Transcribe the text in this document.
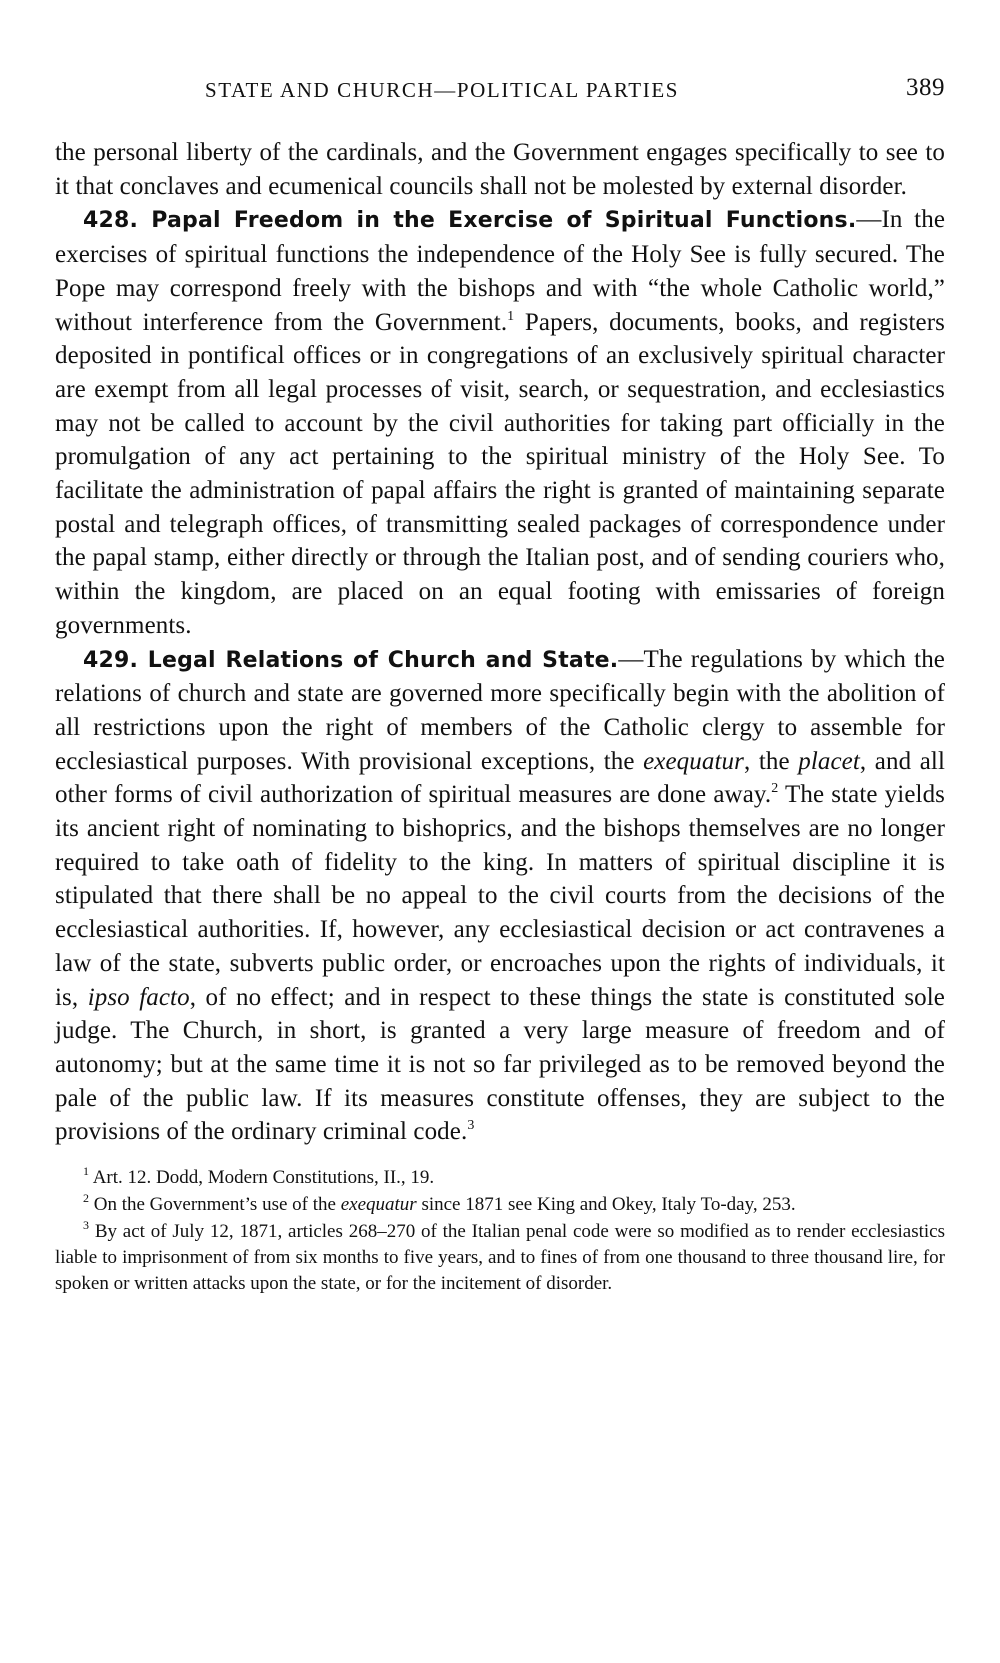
STATE AND CHURCH—POLITICAL PARTIES	389

the personal liberty of the cardinals, and the Government engages specifically to see to it that conclaves and ecumenical councils shall not be molested by external disorder.

428. Papal Freedom in the Exercise of Spiritual Functions.—In the exercises of spiritual functions the independence of the Holy See is fully secured. The Pope may correspond freely with the bishops and with “the whole Catholic world,” without interference from the Government.$^1$ Papers, documents, books, and registers deposited in pontifical offices or in congregations of an exclusively spiritual character are exempt from all legal processes of visit, search, or sequestration, and ecclesiastics may not be called to account by the civil authorities for taking part officially in the promulgation of any act pertaining to the spiritual ministry of the Holy See. To facilitate the administration of papal affairs the right is granted of maintaining separate postal and telegraph offices, of transmitting sealed packages of correspondence under the papal stamp, either directly or through the Italian post, and of sending couriers who, within the kingdom, are placed on an equal footing with emissaries of foreign governments.

429. Legal Relations of Church and State.—The regulations by which the relations of church and state are governed more specifically begin with the abolition of all restrictions upon the right of members of the Catholic clergy to assemble for ecclesiastical purposes. With provisional exceptions, the exequatur, the placet, and all other forms of civil authorization of spiritual measures are done away.$^2$ The state yields its ancient right of nominating to bishoprics, and the bishops themselves are no longer required to take oath of fidelity to the king. In matters of spiritual discipline it is stipulated that there shall be no appeal to the civil courts from the decisions of the ecclesiastical authorities. If, however, any ecclesiastical decision or act contravenes a law of the state, subverts public order, or encroaches upon the rights of individuals, it is, ipso facto, of no effect; and in respect to these things the state is constituted sole judge. The Church, in short, is granted a very large measure of freedom and of autonomy; but at the same time it is not so far privileged as to be removed beyond the pale of the public law. If its measures constitute offenses, they are subject to the provisions of the ordinary criminal code.$^3$

$^1$ Art. 12. Dodd, Modern Constitutions, II., 19.

$^2$ On the Government’s use of the exequatur since 1871 see King and Okey, Italy To-day, 253.

$^3$ By act of July 12, 1871, articles 268–270 of the Italian penal code were so modified as to render ecclesiastics liable to imprisonment of from six months to five years, and to fines of from one thousand to three thousand lire, for spoken or written attacks upon the state, or for the incitement of disorder.
